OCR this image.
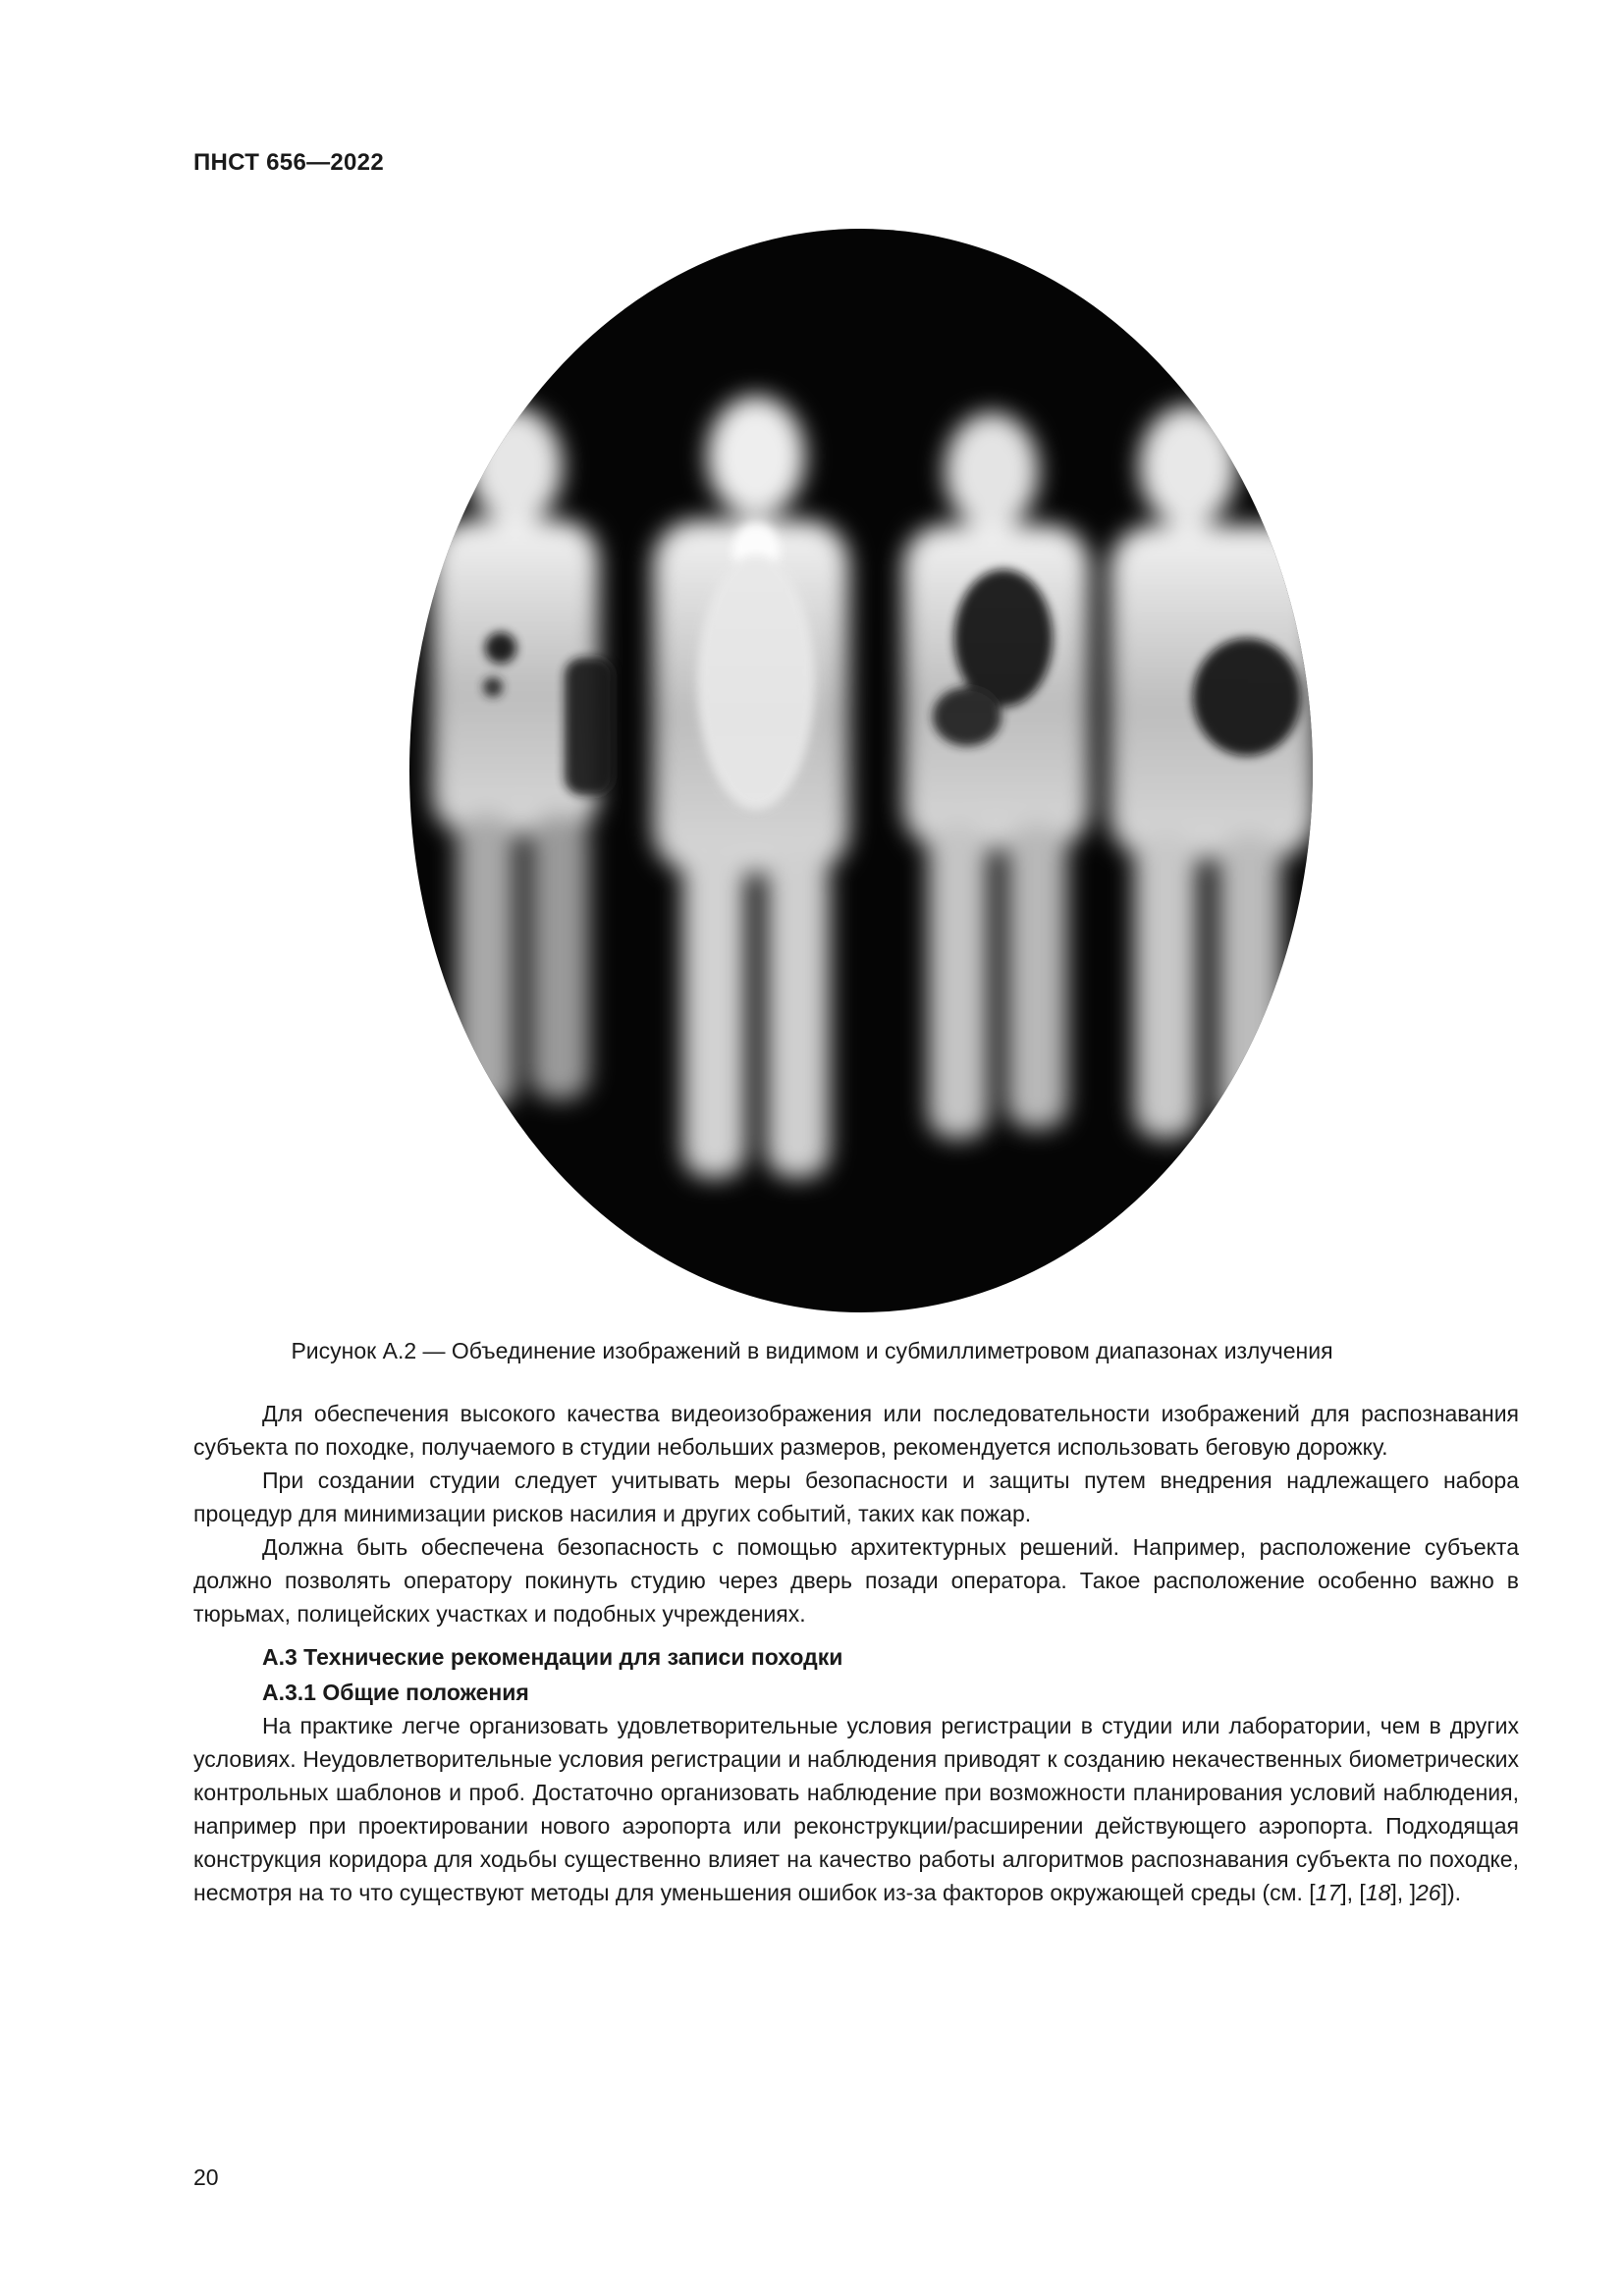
ПНСТ 656—2022

Рисунок А.2 — Объединение изображений в видимом и субмиллиметровом диапазонах излучения

Для обеспечения высокого качества видеоизображения или последовательности изображений для распознавания субъекта по походке, получаемого в студии небольших размеров, рекомендуется использовать беговую дорожку.

При создании студии следует учитывать меры безопасности и защиты путем внедрения надлежащего набора процедур для минимизации рисков насилия и других событий, таких как пожар.

Должна быть обеспечена безопасность с помощью архитектурных решений. Например, расположение субъекта должно позволять оператору покинуть студию через дверь позади оператора. Такое расположение особенно важно в тюрьмах, полицейских участках и подобных учреждениях.

А.3 Технические рекомендации для записи походки
А.3.1 Общие положения

На практике легче организовать удовлетворительные условия регистрации в студии или лаборатории, чем в других условиях. Неудовлетворительные условия регистрации и наблюдения приводят к созданию некачественных биометрических контрольных шаблонов и проб. Достаточно организовать наблюдение при возможности планирования условий наблюдения, например при проектировании нового аэропорта или реконструкции/расширении действующего аэропорта. Подходящая конструкция коридора для ходьбы существенно влияет на качество работы алгоритмов распознавания субъекта по походке, несмотря на то что существуют методы для уменьшения ошибок из-за факторов окружающей среды (см. [17], [18], ]26]).

20
